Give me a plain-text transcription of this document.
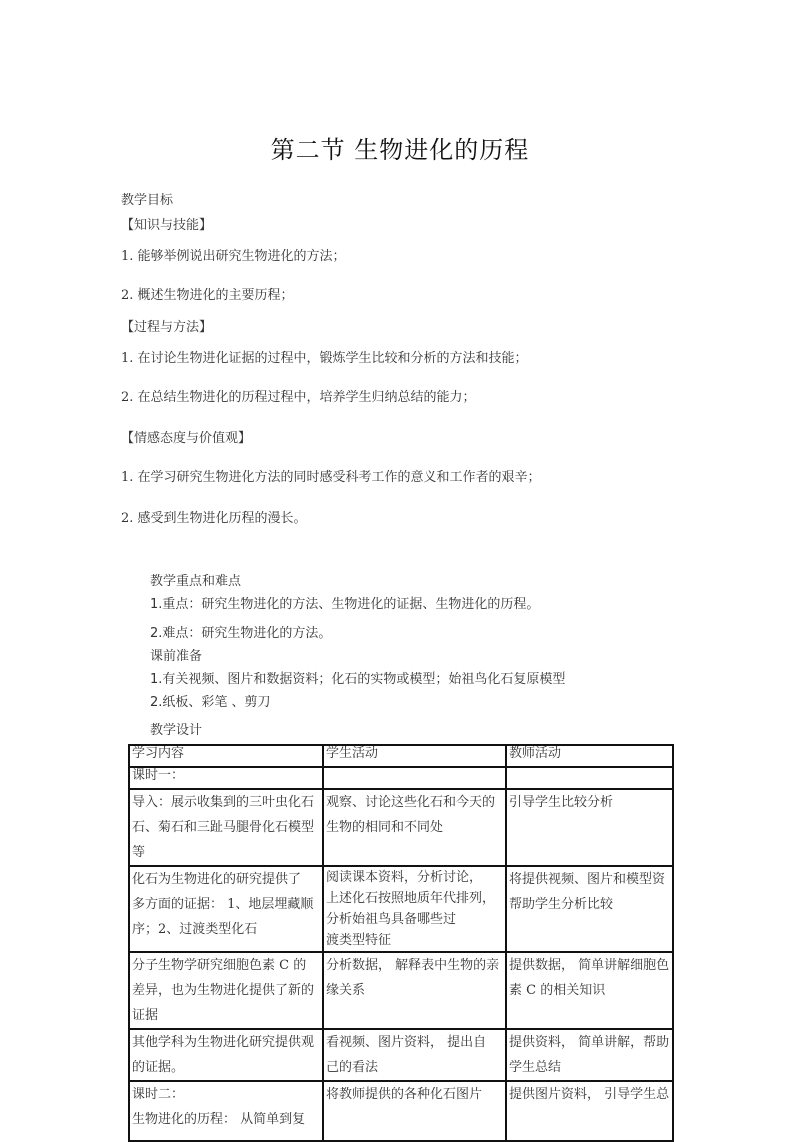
第二节 生物进化的历程
教学目标
【知识与技能】
1. 能够举例说出研究生物进化的方法；
2. 概述生物进化的主要历程；
【过程与方法】
1. 在讨论生物进化证据的过程中，锻炼学生比较和分析的方法和技能；
2. 在总结生物进化的历程过程中，培养学生归纳总结的能力；
【情感态度与价值观】
1. 在学习研究生物进化方法的同时感受科考工作的意义和工作者的艰辛；
2. 感受到生物进化历程的漫长。
教学重点和难点
1.重点：研究生物进化的方法、生物进化的证据、生物进化的历程。
2.难点：研究生物进化的方法。
课前准备
1.有关视频、图片和数据资料；化石的实物或模型；始祖鸟化石复原模型
2.纸板、彩笔 、剪刀
教学设计
学习内容	学生活动	教师活动

课时一：		

导入：展示收集到的三叶虫化石
石、菊石和三趾马腿骨化石模型
等	观察、讨论这些化石和今天的
生物的相同和不同处	引导学生比较分析

化石为生物进化的研究提供了
多方面的证据： 1、地层埋藏顺
序；2、过渡类型化石	阅读课本资料，分析讨论，
上述化石按照地质年代排列，
分析始祖鸟具备哪些过
渡类型特征	将提供视频、图片和模型资
帮助学生分析比较

分子生物学研究细胞色素 C 的
差异，也为生物进化提供了新的
证据	分析数据， 解释表中生物的亲
缘关系	提供数据， 简单讲解细胞色
素 C 的相关知识

其他学科为生物进化研究提供观
的证据。	看视频、图片资料， 提出自
己的看法	提供资料， 简单讲解，帮助
学生总结

课时二：
生物进化的历程： 从简单到复	将教师提供的各种化石图片	提供图片资料， 引导学生总
